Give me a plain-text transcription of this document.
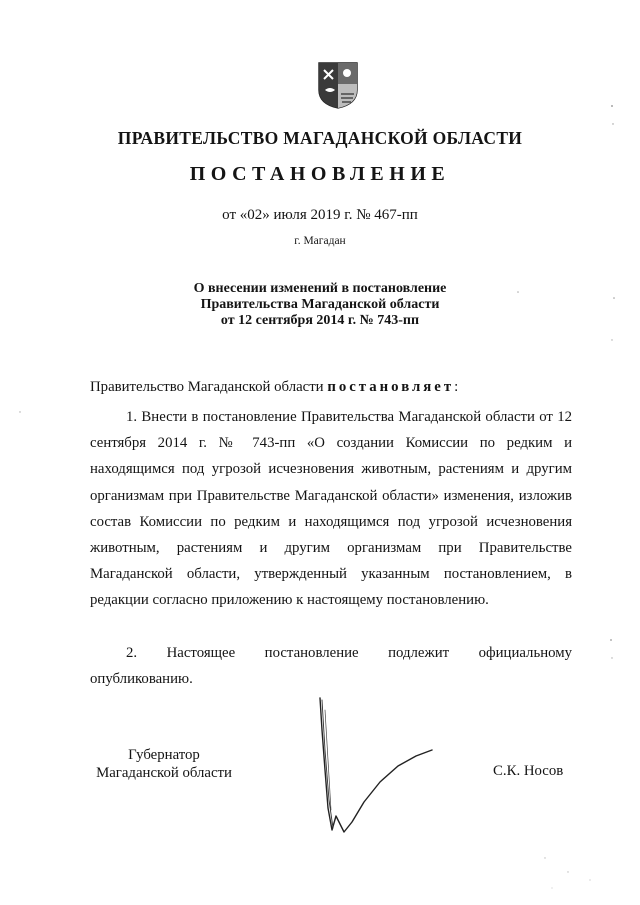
ПРАВИТЕЛЬСТВО МАГАДАНСКОЙ ОБЛАСТИ
ПОСТАНОВЛЕНИЕ
от «02» июля 2019 г. № 467-пп
г. Магадан
О внесении изменений в постановление
Правительства Магаданской области
от 12 сентября 2014 г. № 743-пп
Правительство Магаданской области постановляет:
1. Внести в постановление Правительства Магаданской области от 12 сентября 2014 г. № 743-пп «О создании Комиссии по редким и находящимся под угрозой исчезновения животным, растениям и другим организмам при Правительстве Магаданской области» изменения, изложив состав Комиссии по редким и находящимся под угрозой исчезновения животным, растениям и другим организмам при Правительстве Магаданской области, утвержденный указанным постановлением, в редакции согласно приложению к настоящему постановлению.
2. Настоящее постановление подлежит официальному опубликованию.
Губернатор
Магаданской области	С.К. Носов
